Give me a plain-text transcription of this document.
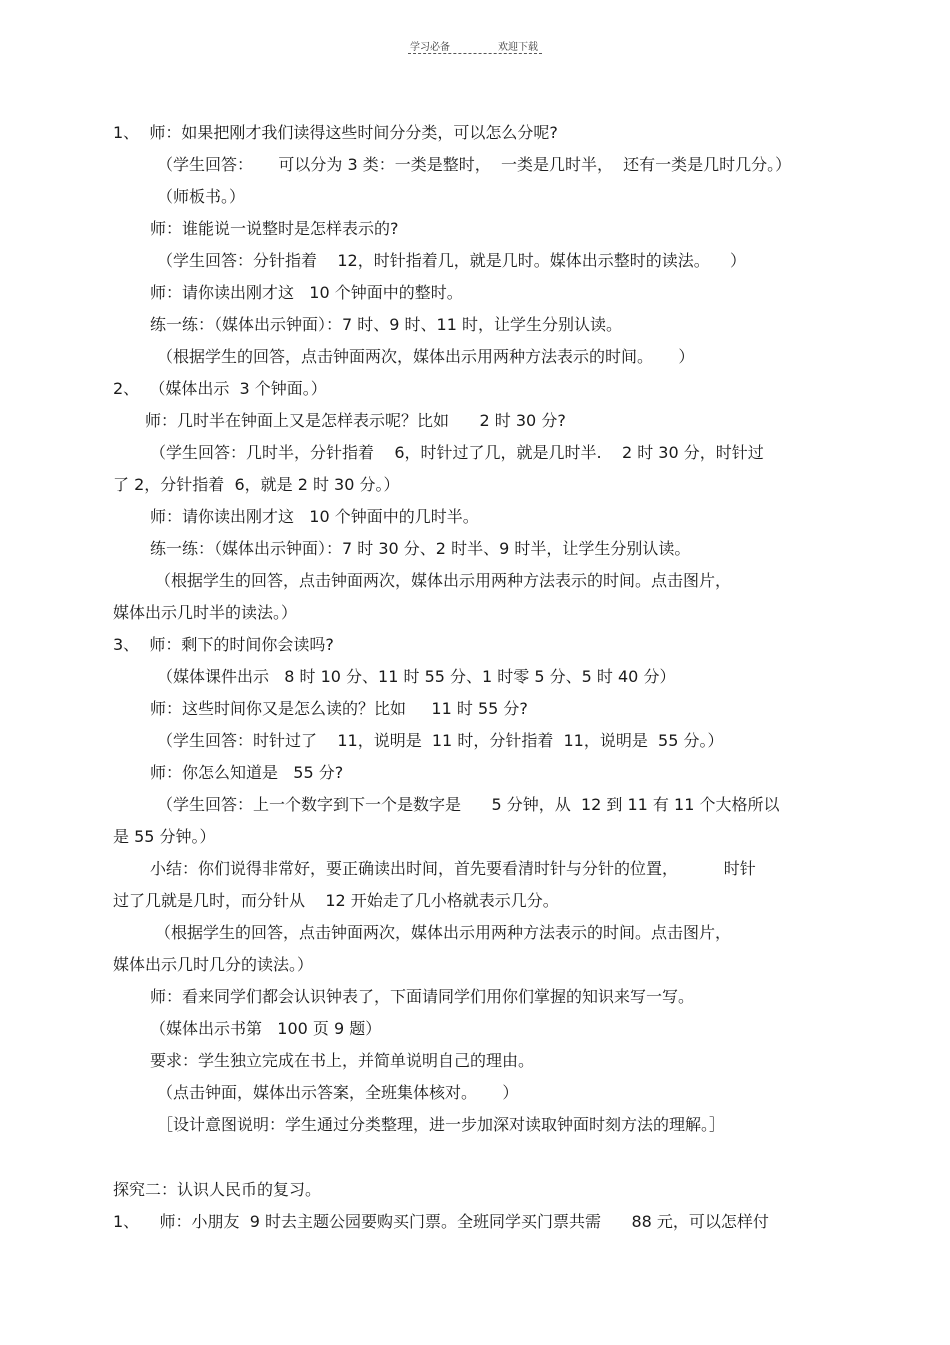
学习必备	欢迎下载
1、  师：如果把刚才我们读得这些时间分分类，可以怎么分呢?
（学生回答：     可以分为 3 类：一类是整时，  一类是几时半，  还有一类是几时几分。）
（师板书。）
师：谁能说一说整时是怎样表示的?
（学生回答：分针指着    12，时针指着几，就是几时。媒体出示整时的读法。    ）
师：请你读出刚才这   10 个钟面中的整时。
练一练：（媒体出示钟面）：7 时、9 时、11 时，让学生分别认读。
（根据学生的回答，点击钟面两次，媒体出示用两种方法表示的时间。     ）
2、  （媒体出示  3 个钟面。）
师：几时半在钟面上又是怎样表示呢？比如      2 时 30 分?
（学生回答：几时半，分针指着    6，时针过了几，就是几时半.    2 时 30 分，时针过
了 2，分针指着  6，就是 2 时 30 分。）
师：请你读出刚才这   10 个钟面中的几时半。
练一练：（媒体出示钟面）：7 时 30 分、2 时半、9 时半，让学生分别认读。
（根据学生的回答，点击钟面两次，媒体出示用两种方法表示的时间。点击图片，
媒体出示几时半的读法。）
3、  师：剩下的时间你会读吗?
（媒体课件出示   8 时 10 分、11 时 55 分、1 时零 5 分、5 时 40 分）
师：这些时间你又是怎么读的？比如     11 时 55 分?
（学生回答：时针过了    11，说明是  11 时，分针指着  11，说明是  55 分。）
师：你怎么知道是   55 分?
（学生回答：上一个数字到下一个是数字是      5 分钟，从  12 到 11 有 11 个大格所以
是 55 分钟。）
小结：你们说得非常好，要正确读出时间，首先要看清时针与分针的位置，         时针
过了几就是几时，而分针从    12 开始走了几小格就表示几分。
（根据学生的回答，点击钟面两次，媒体出示用两种方法表示的时间。点击图片，
媒体出示几时几分的读法。）
师：看来同学们都会认识钟表了，下面请同学们用你们掌握的知识来写一写。
（媒体出示书第   100 页 9 题）
要求：学生独立完成在书上，并简单说明自己的理由。
（点击钟面，媒体出示答案，全班集体核对。     ）
［设计意图说明：学生通过分类整理，进一步加深对读取钟面时刻方法的理解。］
探究二：认识人民币的复习。
1、    师：小朋友  9 时去主题公园要购买门票。全班同学买门票共需      88 元，可以怎样付
